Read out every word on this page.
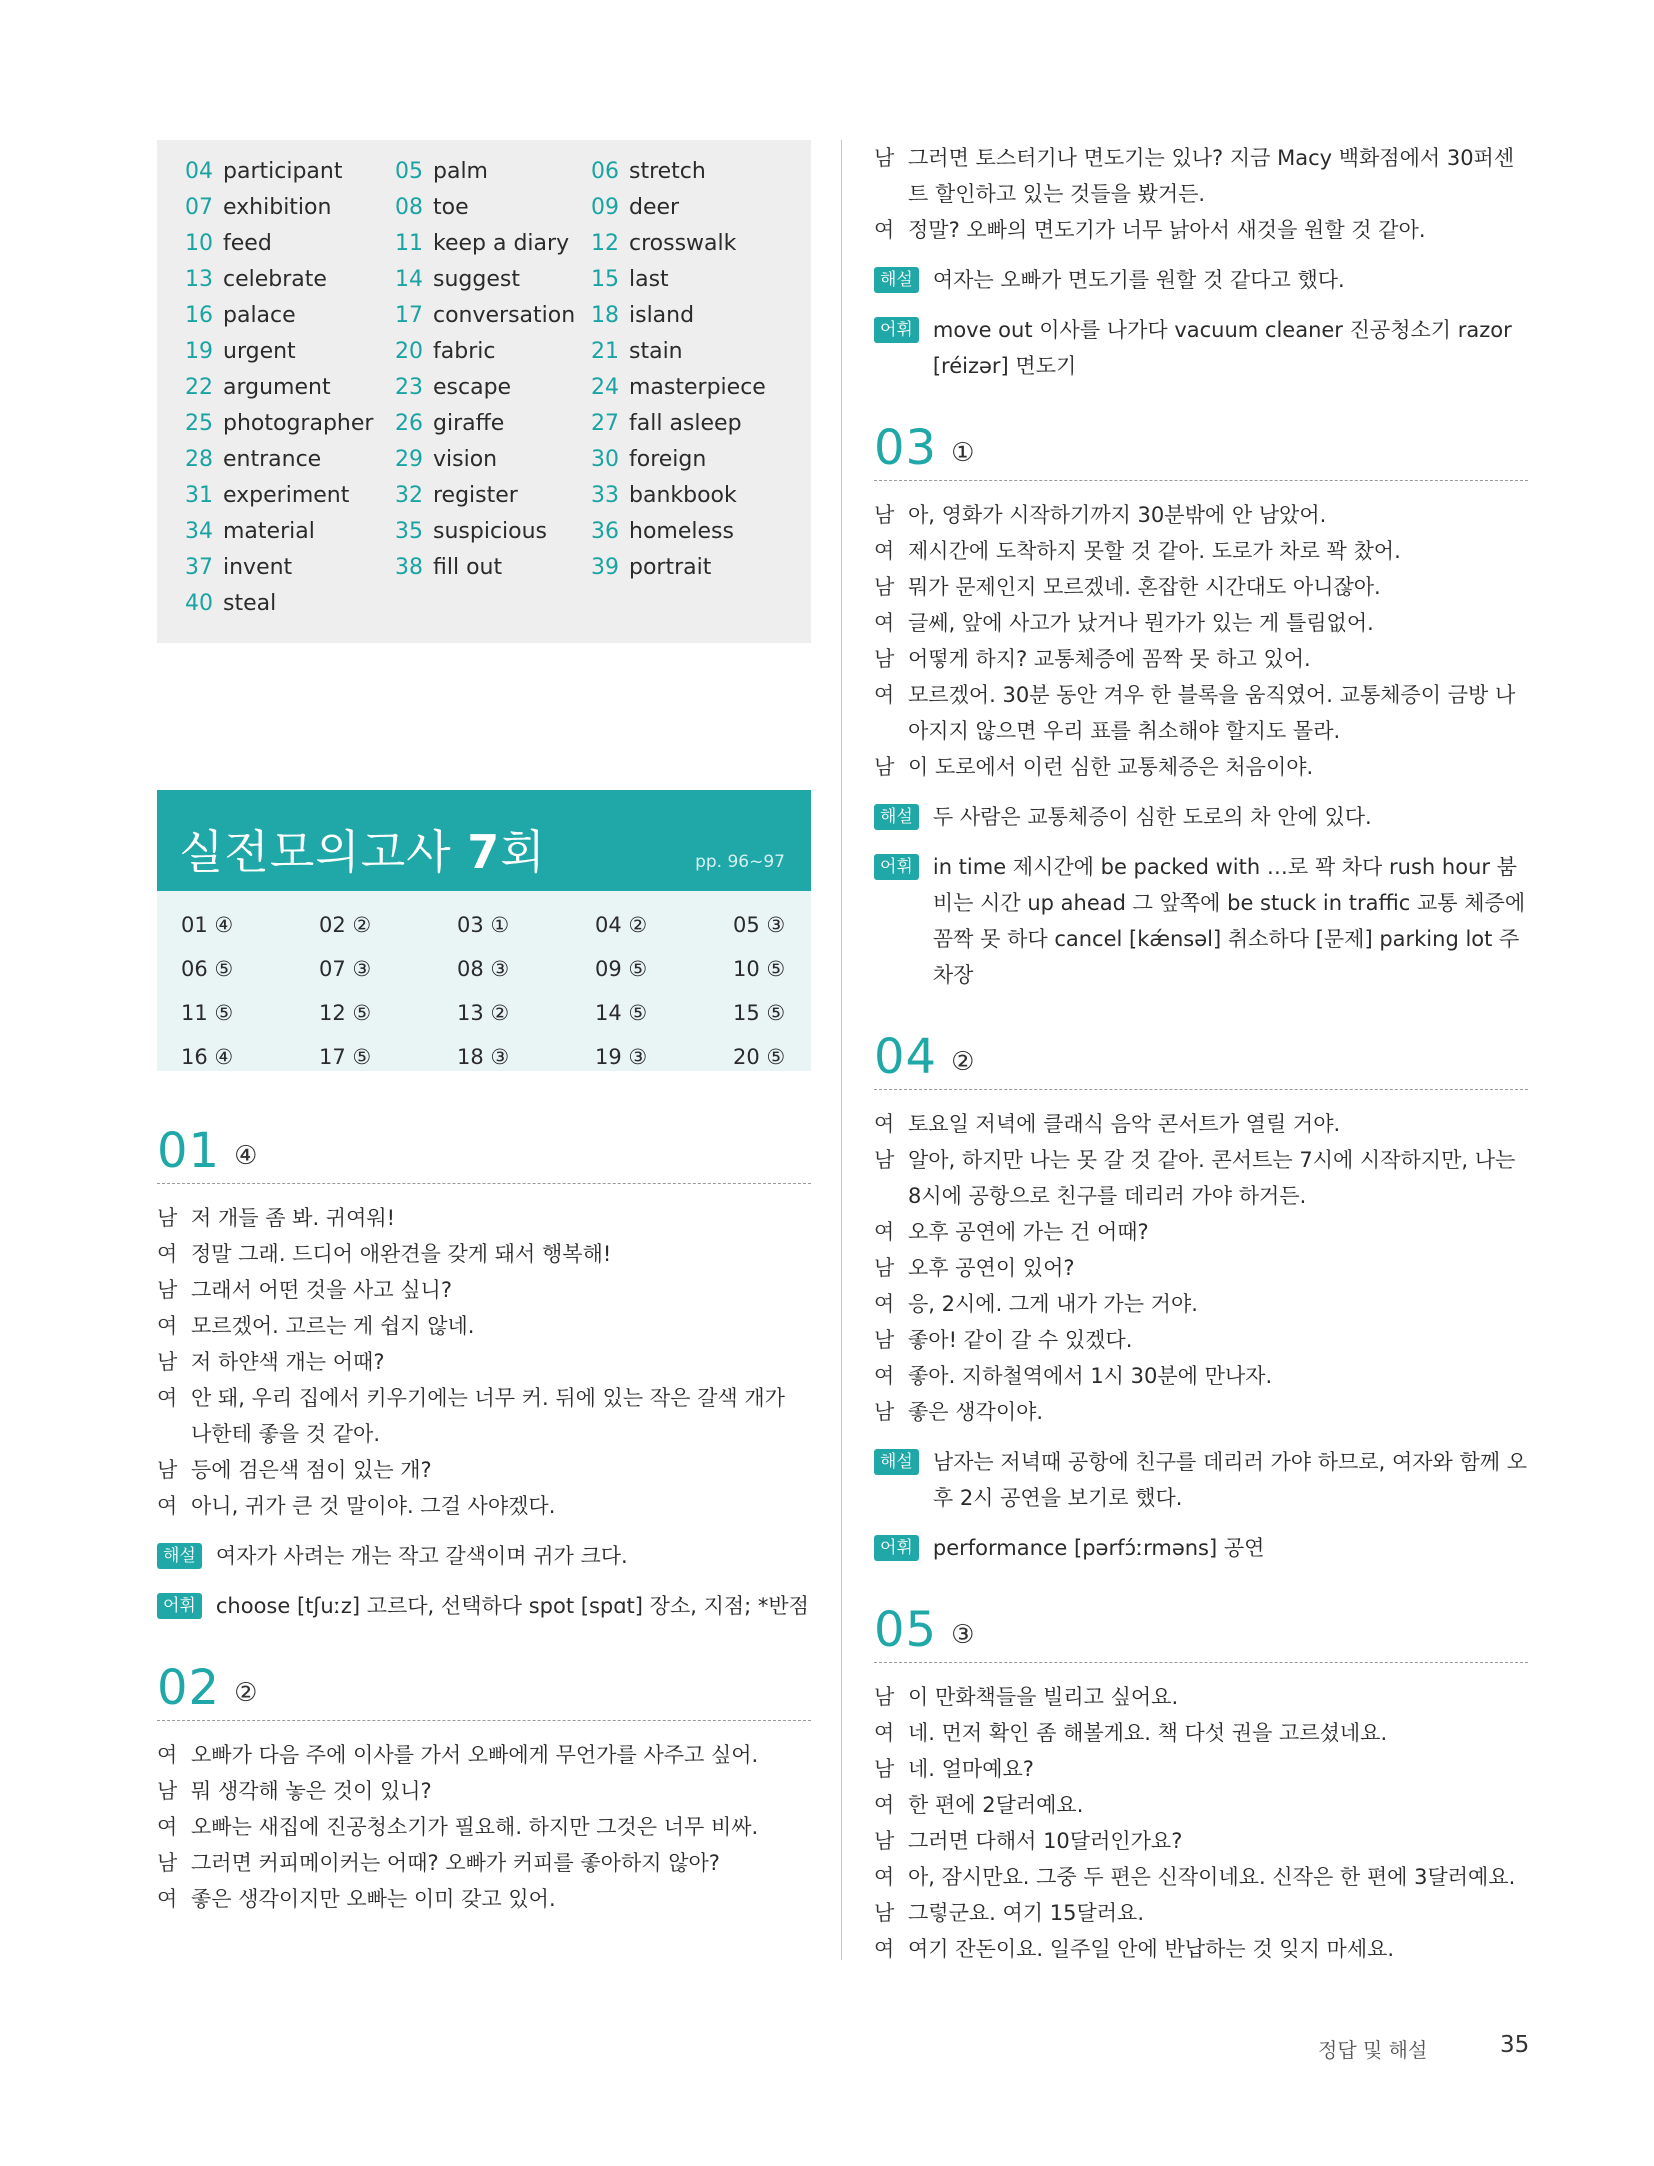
04 participant	05 palm	06 stretch
07 exhibition	08 toe	09 deer
10 feed	11 keep a diary 12 crosswalk
13 celebrate	14 suggest	15 last
16 palace	17 conversation 18 island
19 urgent	20 fabric	21 stain
22 argument	23 escape	24 masterpiece
25 photographer 26 giraffe	27 fall asleep
28 entrance	29 vision	30 foreign
31 experiment	32 register	33 bankbook
34 material	35 suspicious	36 homeless
37 invent	38 fill out	39 portrait
40 steal
실전모의고사 7회	pp. 96~97
01 ④	02 ②	03 ①	04 ②	05 ③
06 ⑤	07 ③	08 ③	09 ⑤	10 ⑤
11 ⑤	12 ⑤	13 ②	14 ⑤	15 ⑤
16 ④	17 ⑤	18 ③	19 ③	20 ⑤
01 ④
남 저 개들 좀 봐. 귀여워!
여 정말 그래. 드디어 애완견을 갖게 돼서 행복해!
남 그래서 어떤 것을 사고 싶니?
여 모르겠어. 고르는 게 쉽지 않네.
남 저 하얀색 개는 어때?
여 안 돼, 우리 집에서 키우기에는 너무 커. 뒤에 있는 작은 갈색 개가 나한테 좋을 것 같아.
남 등에 검은색 점이 있는 개?
여 아니, 귀가 큰 것 말이야. 그걸 사야겠다.
해설 여자가 사려는 개는 작고 갈색이며 귀가 크다.
어휘 choose [tʃuːz] 고르다, 선택하다 spot [spɑt] 장소, 지점; *반점
02 ②
여 오빠가 다음 주에 이사를 가서 오빠에게 무언가를 사주고 싶어.
남 뭐 생각해 놓은 것이 있니?
여 오빠는 새집에 진공청소기가 필요해. 하지만 그것은 너무 비싸.
남 그러면 커피메이커는 어때? 오빠가 커피를 좋아하지 않아?
여 좋은 생각이지만 오빠는 이미 갖고 있어.
남 그러면 토스터기나 면도기는 있나? 지금 Macy 백화점에서 30퍼센트 할인하고 있는 것들을 봤거든.
여 정말? 오빠의 면도기가 너무 낡아서 새것을 원할 것 같아.
해설 여자는 오빠가 면도기를 원할 것 같다고 했다.
어휘 move out 이사를 나가다 vacuum cleaner 진공청소기 razor [réizər] 면도기
03 ①
남 아, 영화가 시작하기까지 30분밖에 안 남았어.
여 제시간에 도착하지 못할 것 같아. 도로가 차로 꽉 찼어.
남 뭐가 문제인지 모르겠네. 혼잡한 시간대도 아니잖아.
여 글쎄, 앞에 사고가 났거나 뭔가가 있는 게 틀림없어.
남 어떻게 하지? 교통체증에 꼼짝 못 하고 있어.
여 모르겠어. 30분 동안 겨우 한 블록을 움직였어. 교통체증이 금방 나아지지 않으면 우리 표를 취소해야 할지도 몰라.
남 이 도로에서 이런 심한 교통체증은 처음이야.
해설 두 사람은 교통체증이 심한 도로의 차 안에 있다.
어휘 in time 제시간에 be packed with …로 꽉 차다 rush hour 붐비는 시간 up ahead 그 앞쪽에 be stuck in traffic 교통 체증에 꼼짝 못 하다 cancel [kǽnsəl] 취소하다 [문제] parking lot 주차장
04 ②
여 토요일 저녁에 클래식 음악 콘서트가 열릴 거야.
남 알아, 하지만 나는 못 갈 것 같아. 콘서트는 7시에 시작하지만, 나는 8시에 공항으로 친구를 데리러 가야 하거든.
여 오후 공연에 가는 건 어때?
남 오후 공연이 있어?
여 응, 2시에. 그게 내가 가는 거야.
남 좋아! 같이 갈 수 있겠다.
여 좋아. 지하철역에서 1시 30분에 만나자.
남 좋은 생각이야.
해설 남자는 저녁때 공항에 친구를 데리러 가야 하므로, 여자와 함께 오후 2시 공연을 보기로 했다.
어휘 performance [pərfɔ́ːrməns] 공연
05 ③
남 이 만화책들을 빌리고 싶어요.
여 네. 먼저 확인 좀 해볼게요. 책 다섯 권을 고르셨네요.
남 네. 얼마예요?
여 한 편에 2달러예요.
남 그러면 다해서 10달러인가요?
여 아, 잠시만요. 그중 두 편은 신작이네요. 신작은 한 편에 3달러예요.
남 그렇군요. 여기 15달러요.
여 여기 잔돈이요. 일주일 안에 반납하는 것 잊지 마세요.
정답 및 해설	35
